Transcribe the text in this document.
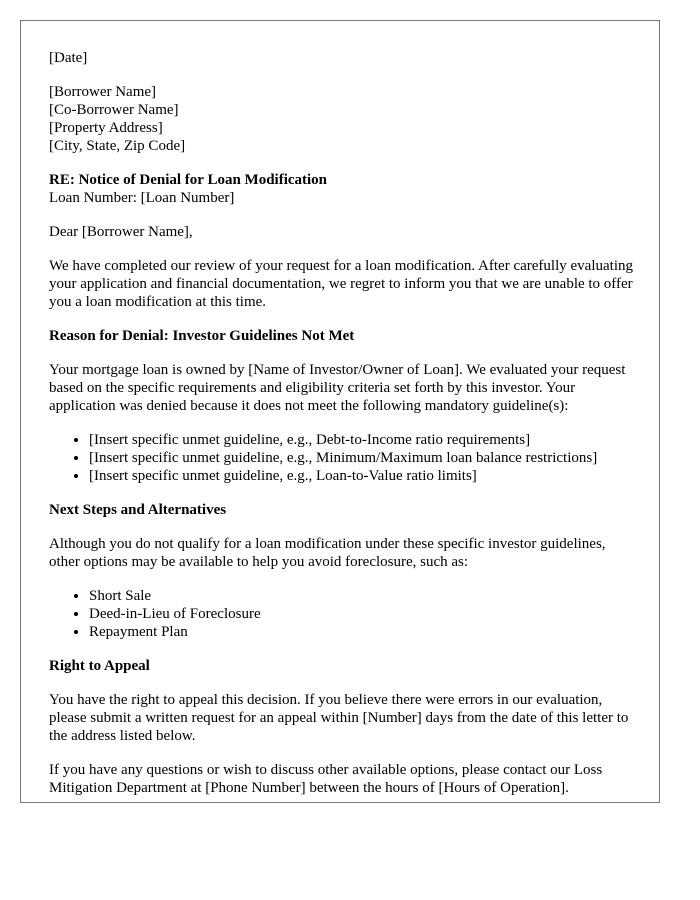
[Date]

[Borrower Name]
[Co-Borrower Name]
[Property Address]
[City, State, Zip Code]

RE: Notice of Denial for Loan Modification
Loan Number: [Loan Number]

Dear [Borrower Name],

We have completed our review of your request for a loan modification. After carefully evaluating your application and financial documentation, we regret to inform you that we are unable to offer you a loan modification at this time.

Reason for Denial: Investor Guidelines Not Met

Your mortgage loan is owned by [Name of Investor/Owner of Loan]. We evaluated your request based on the specific requirements and eligibility criteria set forth by this investor. Your application was denied because it does not meet the following mandatory guideline(s):

• [Insert specific unmet guideline, e.g., Debt-to-Income ratio requirements]
• [Insert specific unmet guideline, e.g., Minimum/Maximum loan balance restrictions]
• [Insert specific unmet guideline, e.g., Loan-to-Value ratio limits]

Next Steps and Alternatives

Although you do not qualify for a loan modification under these specific investor guidelines, other options may be available to help you avoid foreclosure, such as:

• Short Sale
• Deed-in-Lieu of Foreclosure
• Repayment Plan

Right to Appeal

You have the right to appeal this decision. If you believe there were errors in our evaluation, please submit a written request for an appeal within [Number] days from the date of this letter to the address listed below.

If you have any questions or wish to discuss other available options, please contact our Loss Mitigation Department at [Phone Number] between the hours of [Hours of Operation].
